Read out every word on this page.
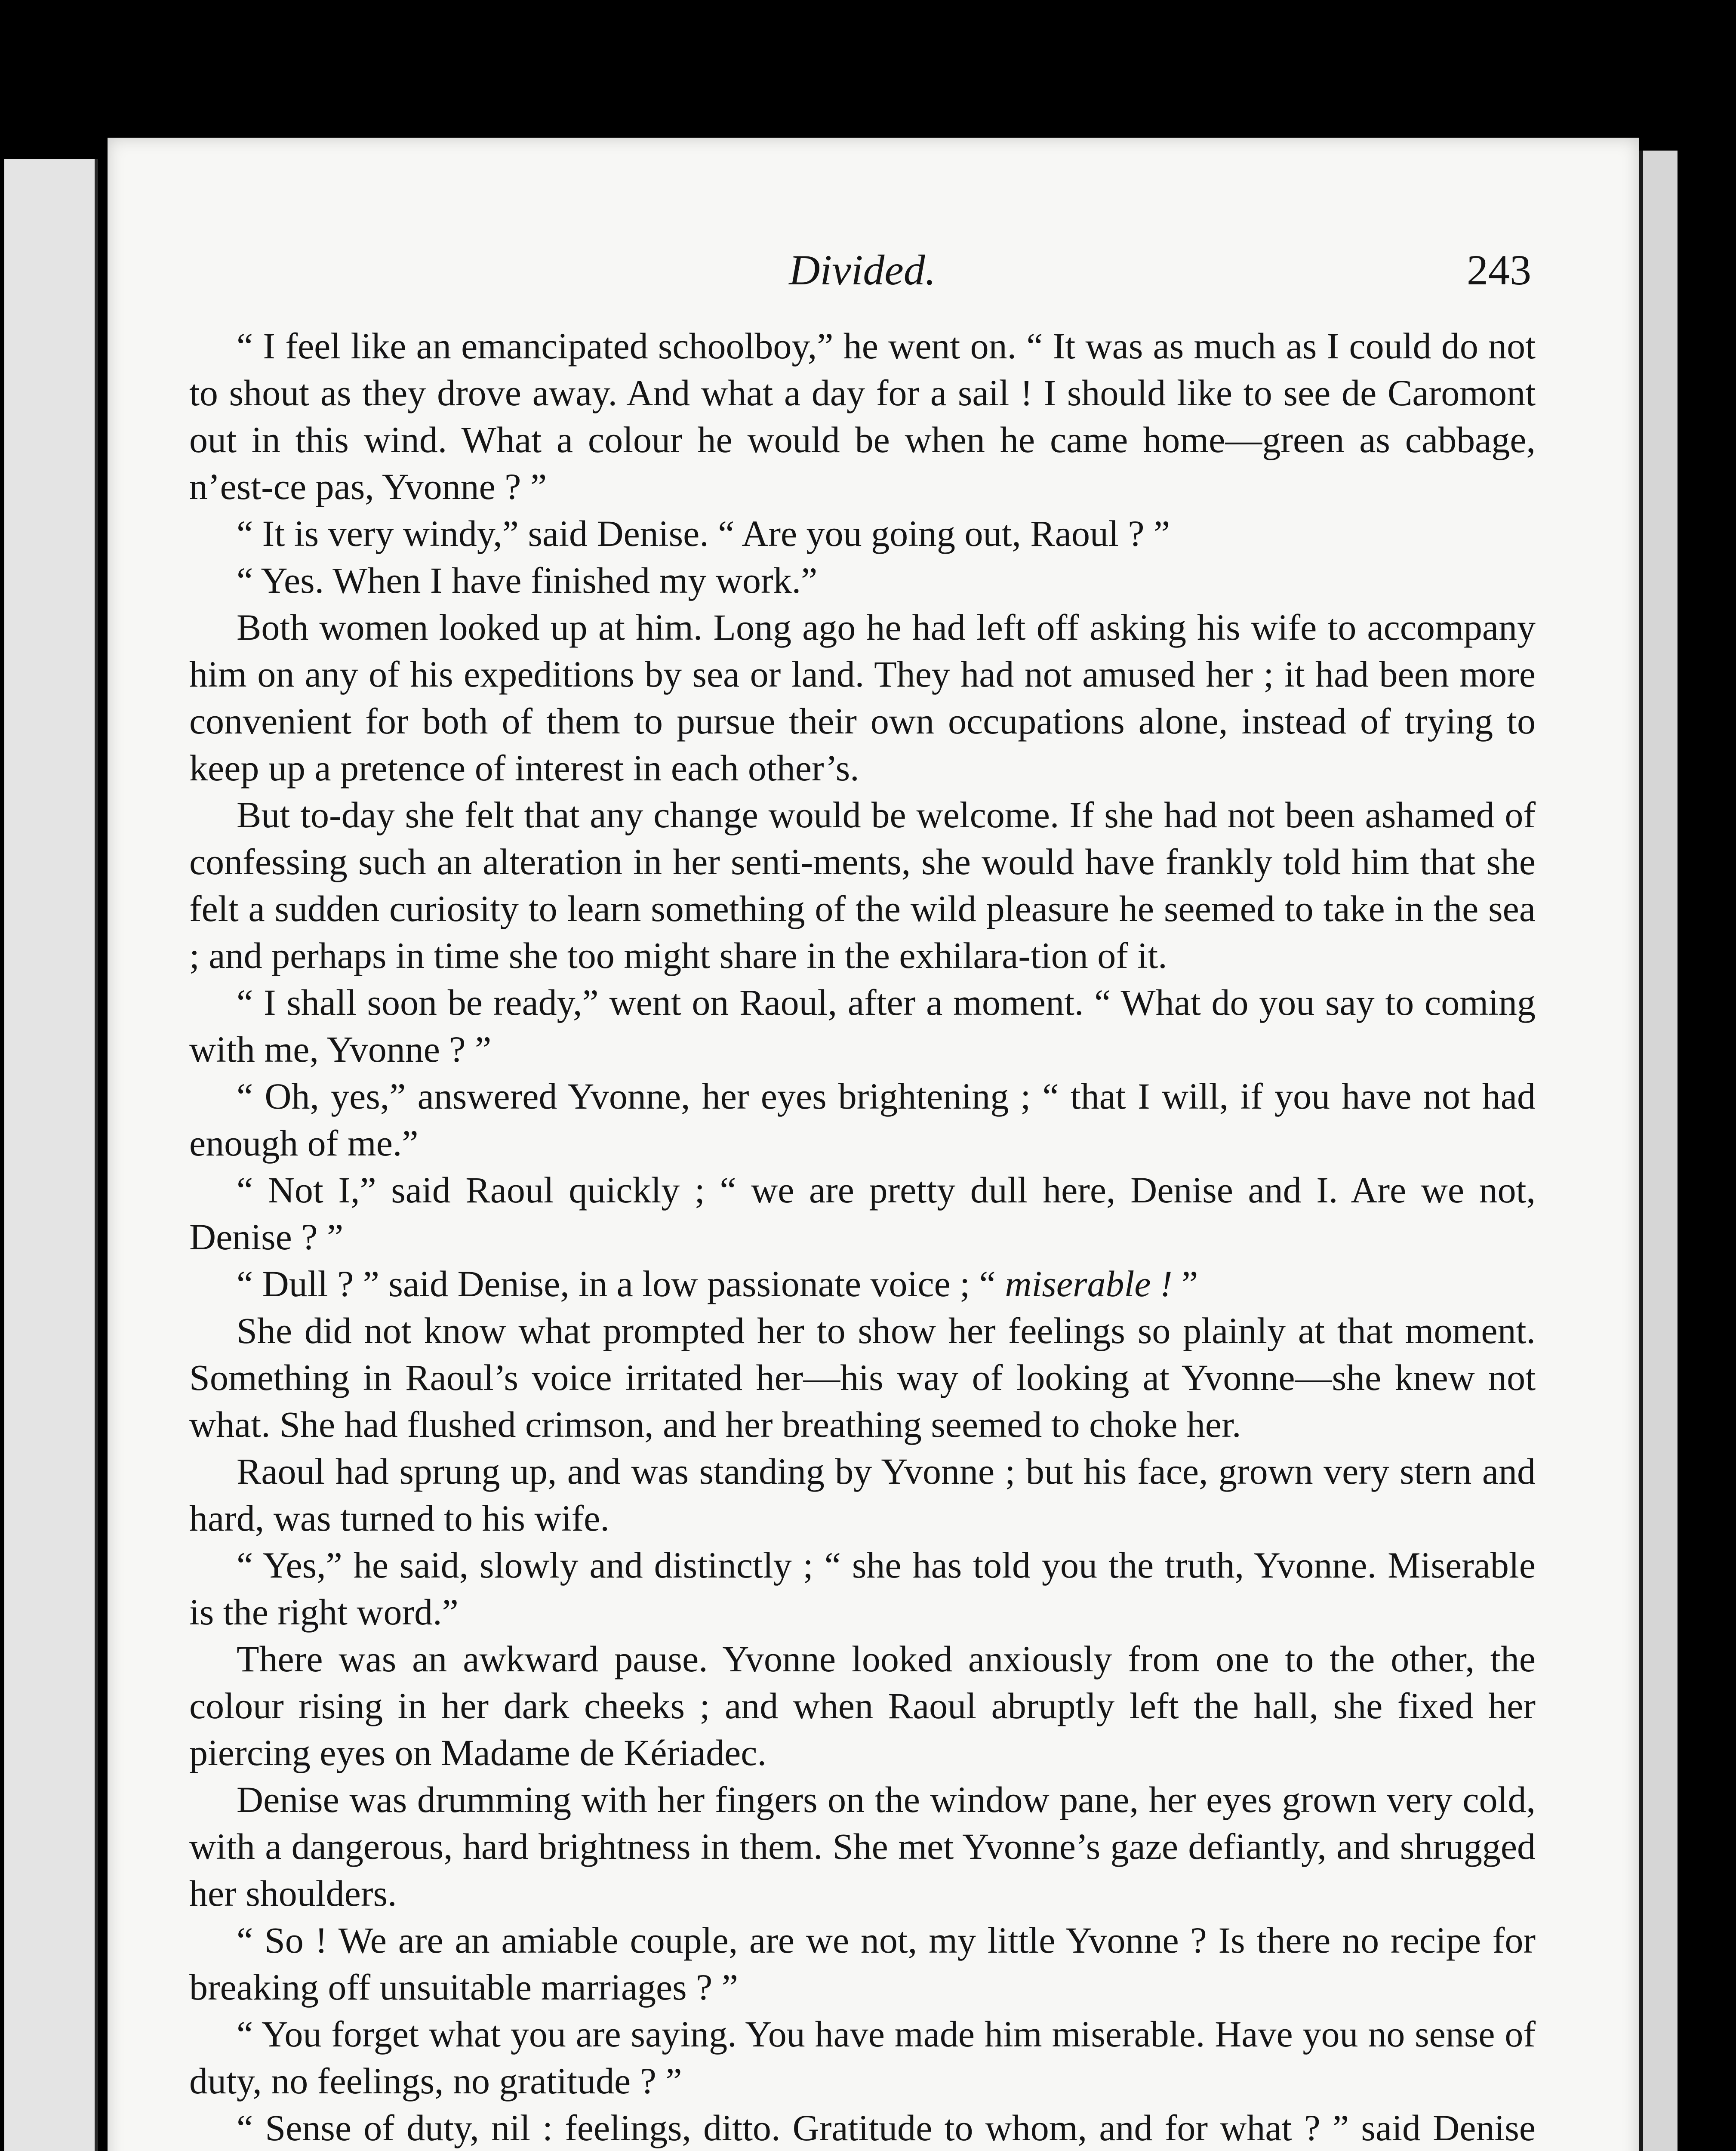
Divided.	243

“ I feel like an emancipated schoolboy,” he went on. “ It was as much as I could do not to shout as they drove away. And what a day for a sail ! I should like to see de Caromont out in this wind. What a colour he would be when he came home—green as cabbage, n’est-ce pas, Yvonne ? ”

“ It is very windy,” said Denise. “ Are you going out, Raoul ? ”

“ Yes. When I have finished my work.”

Both women looked up at him. Long ago he had left off asking his wife to accompany him on any of his expeditions by sea or land. They had not amused her ; it had been more convenient for both of them to pursue their own occupations alone, instead of trying to keep up a pretence of interest in each other’s.

But to-day she felt that any change would be welcome. If she had not been ashamed of confessing such an alteration in her senti-ments, she would have frankly told him that she felt a sudden curiosity to learn something of the wild pleasure he seemed to take in the sea ; and perhaps in time she too might share in the exhilara-tion of it.

“ I shall soon be ready,” went on Raoul, after a moment. “ What do you say to coming with me, Yvonne ? ”

“ Oh, yes,” answered Yvonne, her eyes brightening ; “ that I will, if you have not had enough of me.”

“ Not I,” said Raoul quickly ; “ we are pretty dull here, Denise and I. Are we not, Denise ? ”

“ Dull ? ” said Denise, in a low passionate voice ; “ miserable ! ”

She did not know what prompted her to show her feelings so plainly at that moment. Something in Raoul’s voice irritated her—his way of looking at Yvonne—she knew not what. She had flushed crimson, and her breathing seemed to choke her.

Raoul had sprung up, and was standing by Yvonne ; but his face, grown very stern and hard, was turned to his wife.

“ Yes,” he said, slowly and distinctly ; “ she has told you the truth, Yvonne. Miserable is the right word.”

There was an awkward pause. Yvonne looked anxiously from one to the other, the colour rising in her dark cheeks ; and when Raoul abruptly left the hall, she fixed her piercing eyes on Madame de Kériadec.

Denise was drumming with her fingers on the window pane, her eyes grown very cold, with a dangerous, hard brightness in them. She met Yvonne’s gaze defiantly, and shrugged her shoulders.

“ So ! We are an amiable couple, are we not, my little Yvonne ? Is there no recipe for breaking off unsuitable marriages ? ”

“ You forget what you are saying. You have made him miserable. Have you no sense of duty, no feelings, no gratitude ? ”

“ Sense of duty, nil : feelings, ditto. Gratitude to whom, and for what ? ” said Denise
